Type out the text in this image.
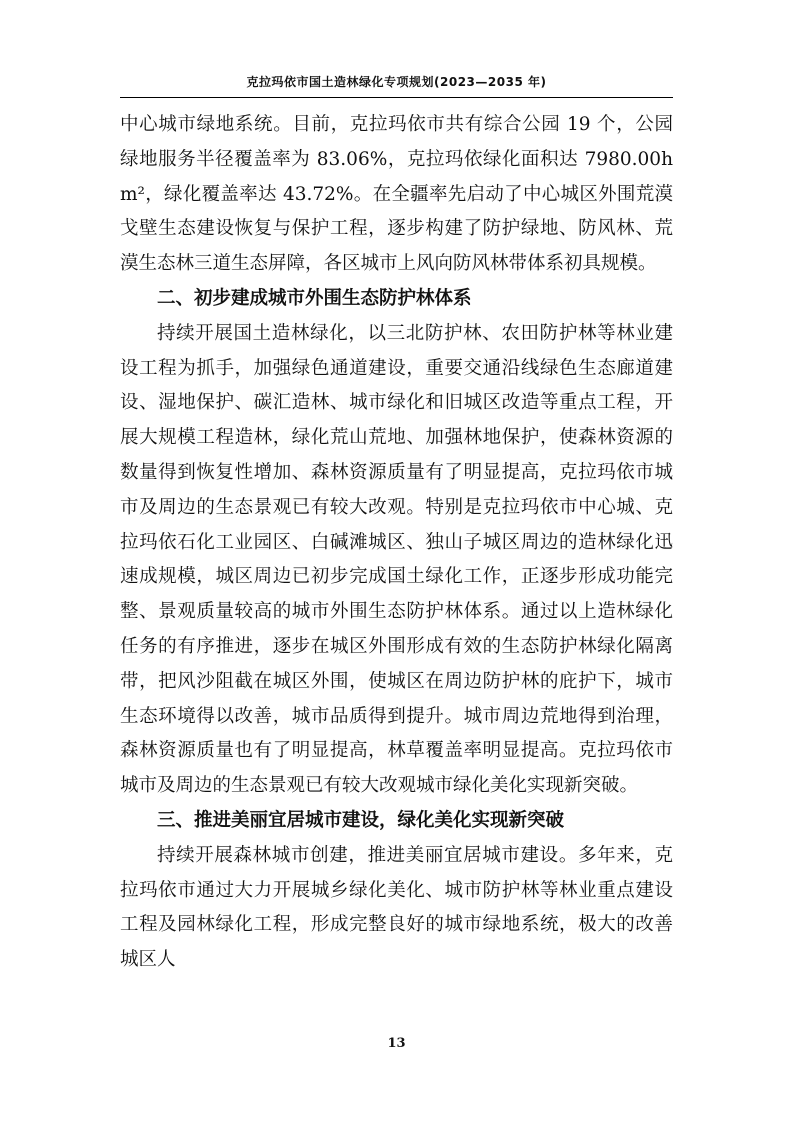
克拉玛依市国土造林绿化专项规划(2023—2035 年)

中心城市绿地系统。目前，克拉玛依市共有综合公园 19 个，公园绿地服务半径覆盖率为 83.06%，克拉玛依绿化面积达 7980.00hm²，绿化覆盖率达 43.72%。在全疆率先启动了中心城区外围荒漠戈壁生态建设恢复与保护工程，逐步构建了防护绿地、防风林、荒漠生态林三道生态屏障，各区城市上风向防风林带体系初具规模。

二、初步建成城市外围生态防护林体系

持续开展国土造林绿化，以三北防护林、农田防护林等林业建设工程为抓手，加强绿色通道建设，重要交通沿线绿色生态廊道建设、湿地保护、碳汇造林、城市绿化和旧城区改造等重点工程，开展大规模工程造林，绿化荒山荒地、加强林地保护，使森林资源的数量得到恢复性增加、森林资源质量有了明显提高，克拉玛依市城市及周边的生态景观已有较大改观。特别是克拉玛依市中心城、克拉玛依石化工业园区、白碱滩城区、独山子城区周边的造林绿化迅速成规模，城区周边已初步完成国土绿化工作，正逐步形成功能完整、景观质量较高的城市外围生态防护林体系。通过以上造林绿化任务的有序推进，逐步在城区外围形成有效的生态防护林绿化隔离带，把风沙阻截在城区外围，使城区在周边防护林的庇护下，城市生态环境得以改善，城市品质得到提升。城市周边荒地得到治理，森林资源质量也有了明显提高，林草覆盖率明显提高。克拉玛依市城市及周边的生态景观已有较大改观城市绿化美化实现新突破。

三、推进美丽宜居城市建设，绿化美化实现新突破

持续开展森林城市创建，推进美丽宜居城市建设。多年来，克拉玛依市通过大力开展城乡绿化美化、城市防护林等林业重点建设工程及园林绿化工程，形成完整良好的城市绿地系统，极大的改善城区人

13
